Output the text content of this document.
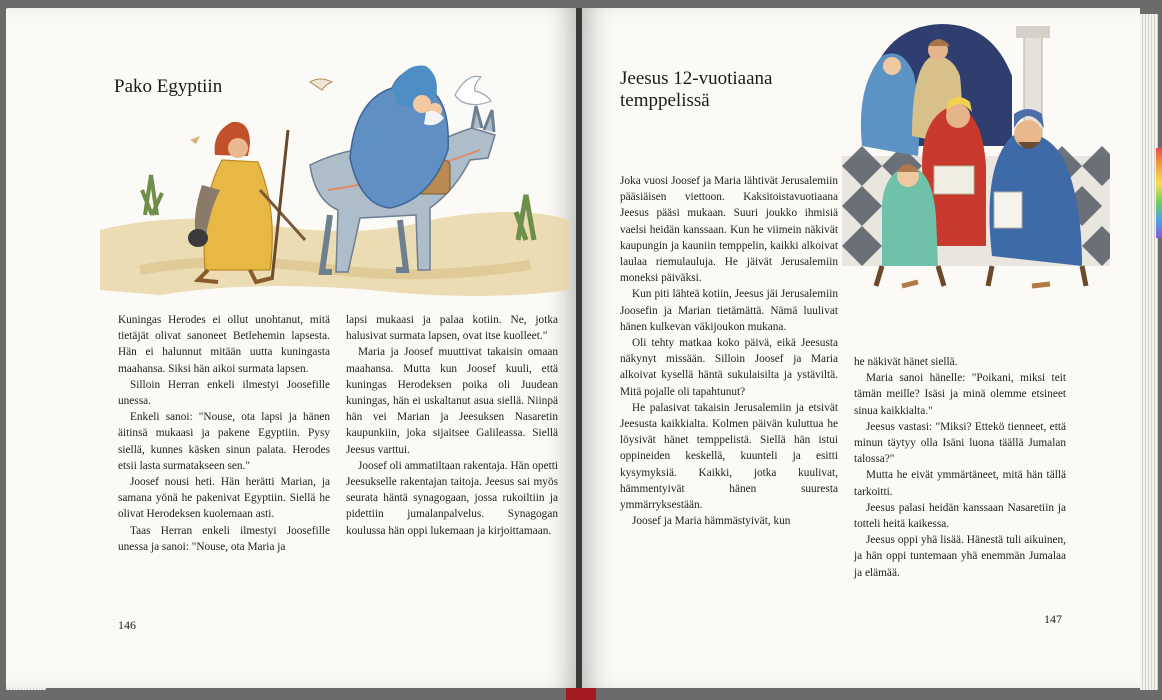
Pako Egyptiin

Kuningas Herodes ei ollut unohtanut, mitä tietäjät olivat sanoneet Betlehemin lapsesta. Hän ei halunnut mitään uutta kuningasta maahansa. Siksi hän aikoi surmata lapsen.

Silloin Herran enkeli ilmestyi Joosefille unessa.

Enkeli sanoi: "Nouse, ota lapsi ja hänen äitinsä mukaasi ja pakene Egyptiin. Pysy siellä, kunnes käsken sinun palata. Herodes etsii lasta surmatakseen sen."

Joosef nousi heti. Hän herätti Marian, ja samana yönä he pakenivat Egyptiin. Siellä he olivat Herodeksen kuolemaan asti.

Taas Herran enkeli ilmestyi Joosefille unessa ja sanoi: "Nouse, ota Maria ja

lapsi mukaasi ja palaa kotiin. Ne, jotka halusivat surmata lapsen, ovat itse kuolleet."

Maria ja Joosef muuttivat takaisin omaan maahansa. Mutta kun Joosef kuuli, että kuningas Herodeksen poika oli Juudean kuningas, hän ei uskaltanut asua siellä. Niinpä hän vei Marian ja Jeesuksen Nasaretin kaupunkiin, joka sijaitsee Galileassa. Siellä Jeesus varttui.

Joosef oli ammatiltaan rakentaja. Hän opetti Jeesukselle rakentajan taitoja. Jeesus sai myös seurata häntä synagogaan, jossa rukoiltiin ja pidettiin jumalanpalvelus. Synagogan koulussa hän oppi lukemaan ja kirjoittamaan.

146
Jeesus 12-vuotiaana
temppelissä

Joka vuosi Joosef ja Maria lähtivät Jerusalemiin pääsiäisen viettoon. Kaksitoistavuotiaana Jeesus pääsi mukaan. Suuri joukko ihmisiä vaelsi heidän kanssaan. Kun he viimein näkivät kaupungin ja kauniin temppelin, kaikki alkoivat laulaa riemulauluja. He jäivät Jerusalemiin moneksi päiväksi.

Kun piti lähteä kotiin, Jeesus jäi Jerusalemiin Joosefin ja Marian tietämättä. Nämä luulivat hänen kulkevan väkijoukon mukana.

Oli tehty matkaa koko päivä, eikä Jeesusta näkynyt missään. Silloin Joosef ja Maria alkoivat kysellä häntä sukulaisilta ja ystäviltä. Mitä pojalle oli tapahtunut?

He palasivat takaisin Jerusalemiin ja etsivät Jeesusta kaikkialta. Kolmen päivän kuluttua he löysivät hänet temppelistä. Siellä hän istui oppineiden keskellä, kuunteli ja esitti kysymyksiä. Kaikki, jotka kuulivat, hämmentyivät hänen suuresta ymmärryksestään.

Joosef ja Maria hämmästyivät, kun

he näkivät hänet siellä.

Maria sanoi hänelle: "Poikani, miksi teit tämän meille? Isäsi ja minä olemme etsineet sinua kaikkialta."

Jeesus vastasi: "Miksi? Ettekö tienneet, että minun täytyy olla Isäni luona täällä Jumalan talossa?"

Mutta he eivät ymmärtäneet, mitä hän tällä tarkoitti.

Jeesus palasi heidän kanssaan Nasaretiin ja totteli heitä kaikessa.

Jeesus oppi yhä lisää. Hänestä tuli aikuinen, ja hän oppi tuntemaan yhä enemmän Jumalaa ja elämää.

147
